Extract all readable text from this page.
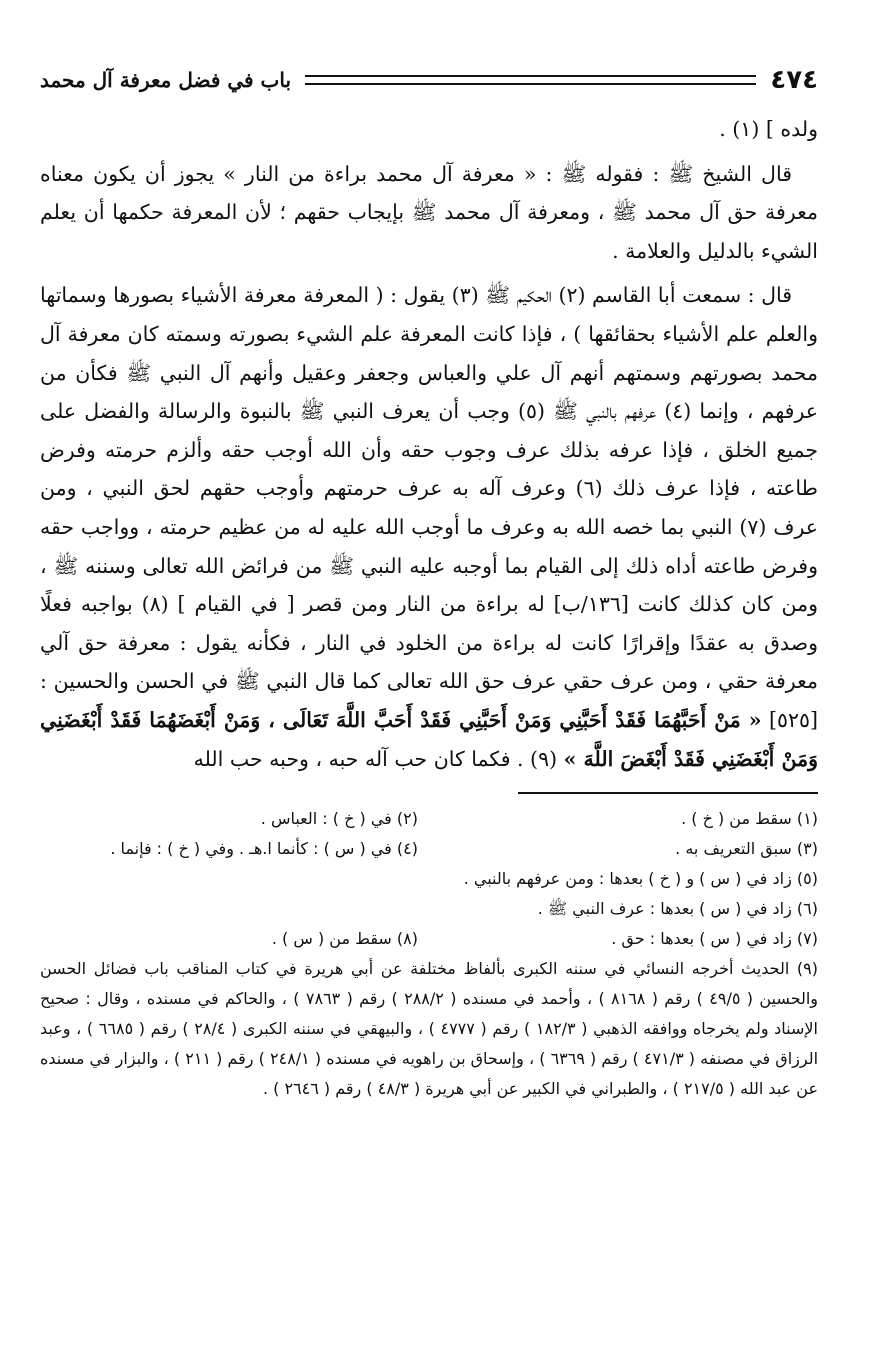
٤٧٤
باب في فضل معرفة آل محمد

ولده ] (١) .

قال الشيخ ﷺ : فقوله ﷺ : « معرفة آل محمد براءة من النار » يجوز أن يكون معناه معرفة حق آل محمد ﷺ ، ومعرفة آل محمد ﷺ بإيجاب حقهم ؛ لأن المعرفة حكمها أن يعلم الشيء بالدليل والعلامة .

قال : سمعت أبا القاسم (٢) الحكيم ﷺ (٣) يقول : ( المعرفة معرفة الأشياء بصورها وسماتها والعلم علم الأشياء بحقائقها ) ، فإذا كانت المعرفة علم الشيء بصورته وسمته كان معرفة آل محمد بصورتهم وسمتهم أنهم آل علي والعباس وجعفر وعقيل وأنهم آل النبي ﷺ فكأن من عرفهم ، وإنما (٤) عرفهم بالنبي ﷺ (٥) وجب أن يعرف النبي ﷺ بالنبوة والرسالة والفضل على جميع الخلق ، فإذا عرفه بذلك عرف وجوب حقه وأن الله أوجب حقه وألزم حرمته وفرض طاعته ، فإذا عرف ذلك (٦) وعرف آله به عرف حرمتهم وأوجب حقهم لحق النبي ، ومن عرف (٧) النبي بما خصه الله به وعرف ما أوجب الله عليه له من عظيم حرمته ، وواجب حقه وفرض طاعته أداه ذلك إلى القيام بما أوجبه عليه النبي ﷺ من فرائض الله تعالى وسننه ﷺ ، ومن كان كذلك كانت [١٣٦/ب] له براءة من النار ومن قصر [ في القيام ] (٨) بواجبه فعلًا وصدق به عقدًا وإقرارًا كانت له براءة من الخلود في النار ، فكأنه يقول : معرفة حق آلي معرفة حقي ، ومن عرف حقي عرف حق الله تعالى كما قال النبي ﷺ في الحسن والحسين : [٥٢٥] « مَنْ أَحَبَّهُمَا فَقَدْ أَحَبَّنِي وَمَنْ أَحَبَّنِي فَقَدْ أَحَبَّ اللَّهَ تَعَالَى ، وَمَنْ أَبْغَضَهُمَا فَقَدْ أَبْغَضَنِي وَمَنْ أَبْغَضَنِي فَقَدْ أَبْغَضَ اللَّهَ » (٩) . فكما كان حب آله حبه ، وحبه حب الله

(١) سقط من ( خ ) .
(٢) في ( خ ) : العباس .
(٣) سبق التعريف به .
(٤) في ( س ) : كأنما ا.هـ . وفي ( خ ) : فإنما .
(٥) زاد في ( س ) و ( خ ) بعدها : ومن عرفهم بالنبي .
(٦) زاد في ( س ) بعدها : عرف النبي ﷺ .
(٧) زاد في ( س ) بعدها : حق .
(٨) سقط من ( س ) .
(٩) الحديث أخرجه النسائي في سننه الكبرى بألفاظ مختلفة عن أبي هريرة في كتاب المناقب باب فضائل الحسن والحسين ( ٤٩/٥ ) رقم ( ٨١٦٨ ) ، وأحمد في مسنده ( ٢٨٨/٢ ) رقم ( ٧٨٦٣ ) ، والحاكم في مسنده ، وقال : صحيح الإسناد ولم يخرجاه ووافقه الذهبي ( ١٨٢/٣ ) رقم ( ٤٧٧٧ ) ، والبيهقي في سننه الكبرى ( ٢٨/٤ ) رقم ( ٦٦٨٥ ) ، وعبد الرزاق في مصنفه ( ٤٧١/٣ ) رقم ( ٦٣٦٩ ) ، وإسحاق بن راهويه في مسنده ( ٢٤٨/١ ) رقم ( ٢١١ ) ، والبزار في مسنده عن عبد الله ( ٢١٧/٥ ) ، والطبراني في الكبير عن أبي هريرة ( ٤٨/٣ ) رقم ( ٢٦٤٦ ) .
